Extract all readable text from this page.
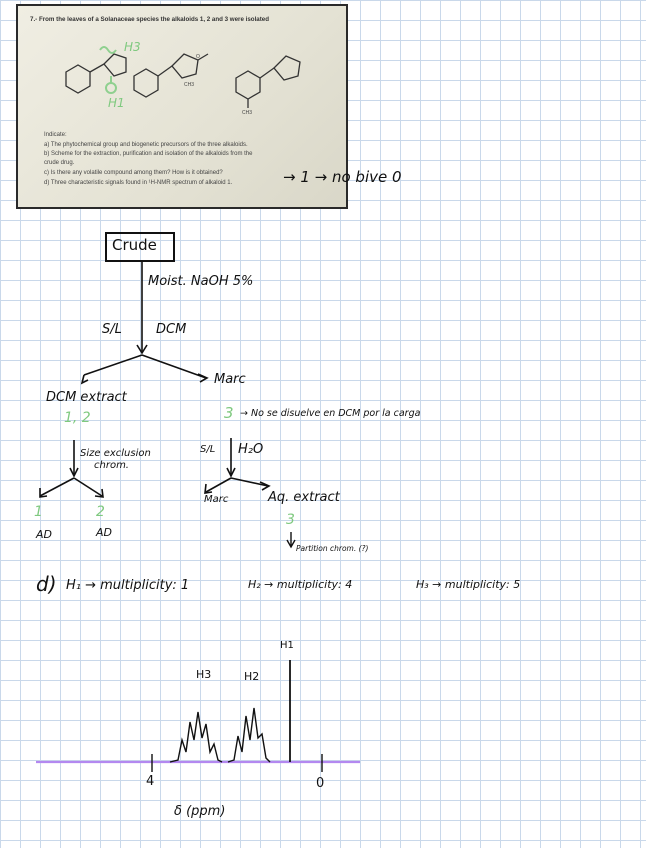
7.- From the leaves of a Solanaceae species the alkaloids 1, 2 and 3 were isolated
H3
H1
CH3
O
CH3
Indicate:
a) The phytochemical group and biogenetic precursors of the three alkaloids.
b) Scheme for the extraction, purification and isolation of the alkaloids from the
crude drug.
c) Is there any volatile compound among them? How is it obtained?
d) Three characteristic signals found in ¹H-NMR spectrum of alkaloid 1.	→ 1 → no bive 0
Crude
Moist. NaOH 5%
S/L	DCM
DCM extract
Marc
1, 2	3 → No se disuelve en DCM por la carga
Size exclusion
chrom.
S/L H₂O
1	2
AD	AD
Marc	Aq. extract
3
Partition chrom. (?)
d) H₁ → multiplicity: 1	H₂ → multiplicity: 4	H₃ → multiplicity: 5
H3	H2
H1
4	0
δ (ppm)
